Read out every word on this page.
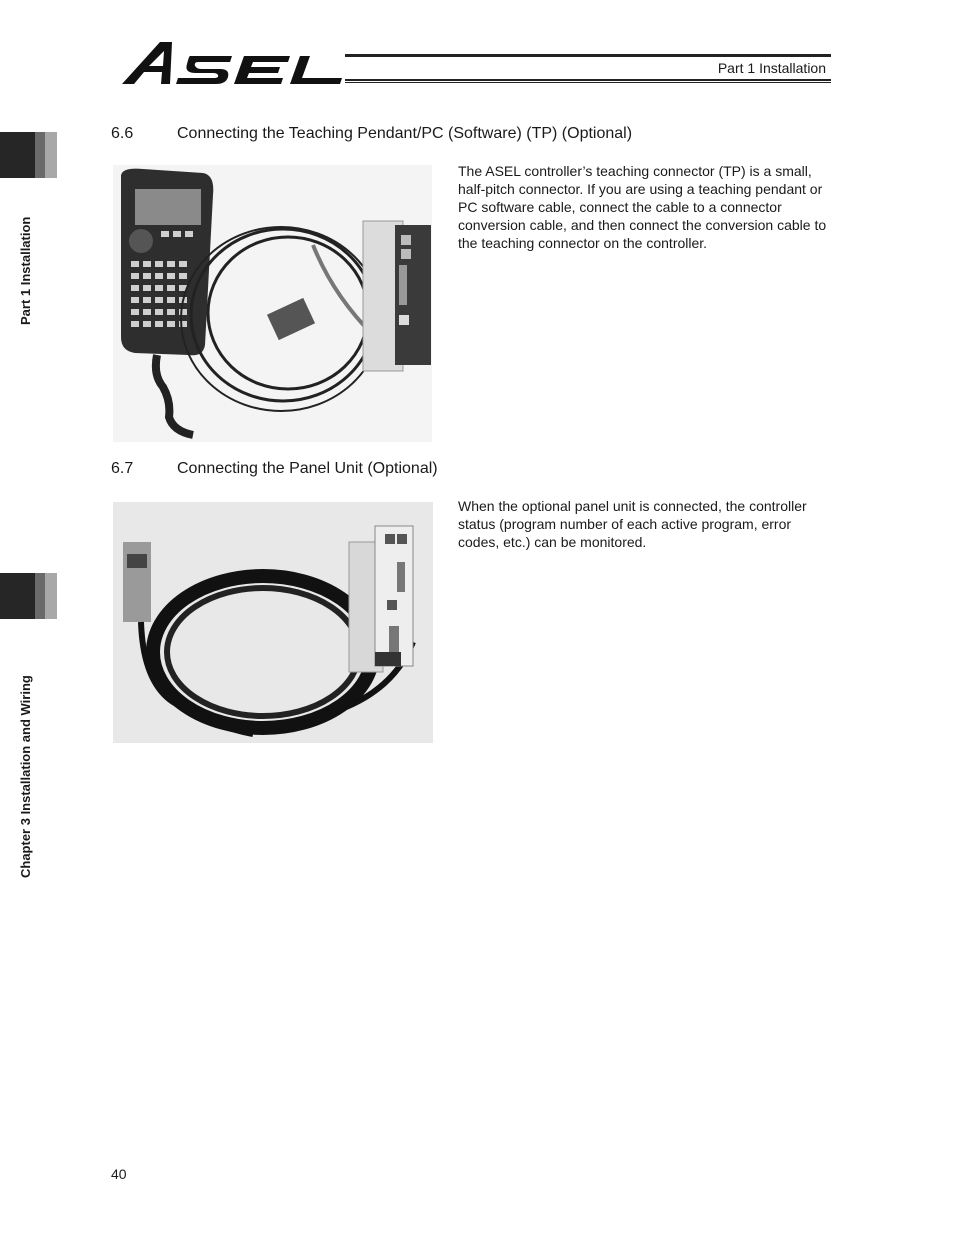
Part 1 Installation
Part 1 Installation
Chapter 3 Installation and Wiring
6.6	Connecting the Teaching Pendant/PC (Software) (TP) (Optional)
The ASEL controller’s teaching connector (TP) is a small, half-pitch connector. If you are using a teaching pendant or PC software cable, connect the cable to a connector conversion cable, and then connect the conversion cable to the teaching connector on the controller.
6.7	Connecting the Panel Unit (Optional)
When the optional panel unit is connected, the controller status (program number of each active program, error codes, etc.) can be monitored.
40
